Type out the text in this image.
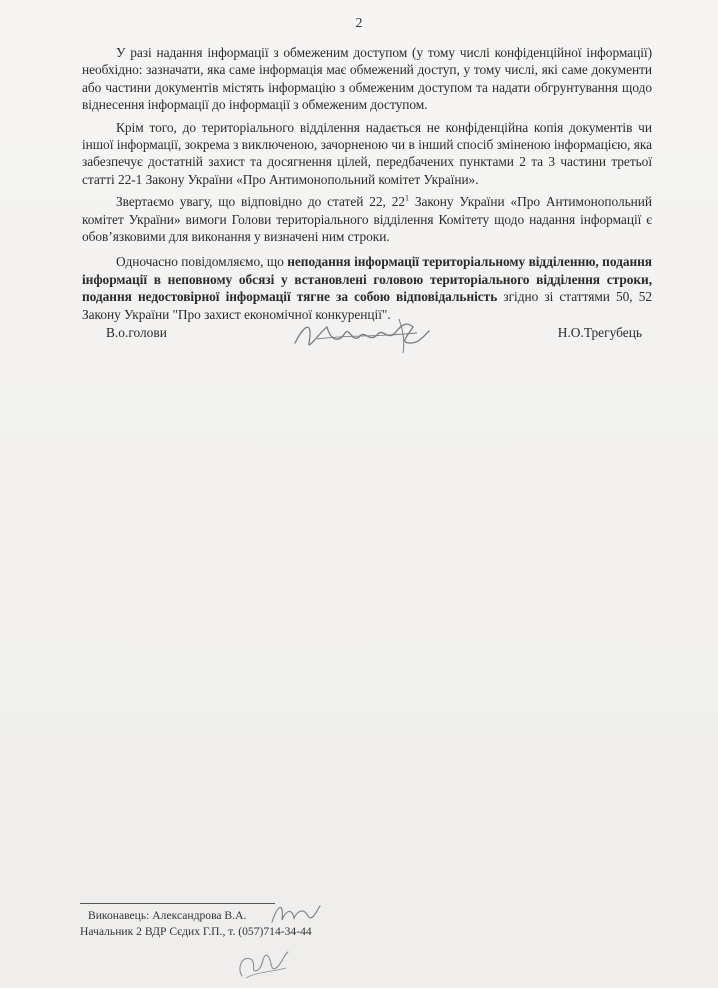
2

У разі надання інформації з обмеженим доступом (у тому числі конфіденційної інформації) необхідно: зазначати, яка саме інформація має обмежений доступ, у тому числі, які саме документи або частини документів містять інформацію з обмеженим доступом та надати обгрунтування щодо віднесення інформації до інформації з обмеженим доступом.

Крім того, до територіального відділення надається не конфіденційна копія документів чи іншої інформації, зокрема з виключеною, зачорненою чи в інший спосіб зміненою інформацією, яка забезпечує достатній захист та досягнення цілей, передбачених пунктами 2 та 3 частини третьої статті 22-1 Закону України «Про Антимонопольний комітет України».

Звертаємо увагу, що відповідно до статей 22, $22^1$ Закону України «Про Антимонопольний комітет України» вимоги Голови територіального відділення Комітету щодо надання інформації є обов’язковими для виконання у визначені ним строки.

Одночасно повідомляємо, що неподання інформації територіальному відділенню, подання інформації в неповному обсязі у встановлені головою територіального відділення строки, подання недостовірної інформації тягне за собою відповідальність згідно зі статтями 50, 52 Закону України "Про захист економічної конкуренції".

В.о.голови	Н.О.Трегубець
Виконавець: Александрова В.А.
Начальник 2 ВДР Сєдих Г.П., т. (057)714-34-44
